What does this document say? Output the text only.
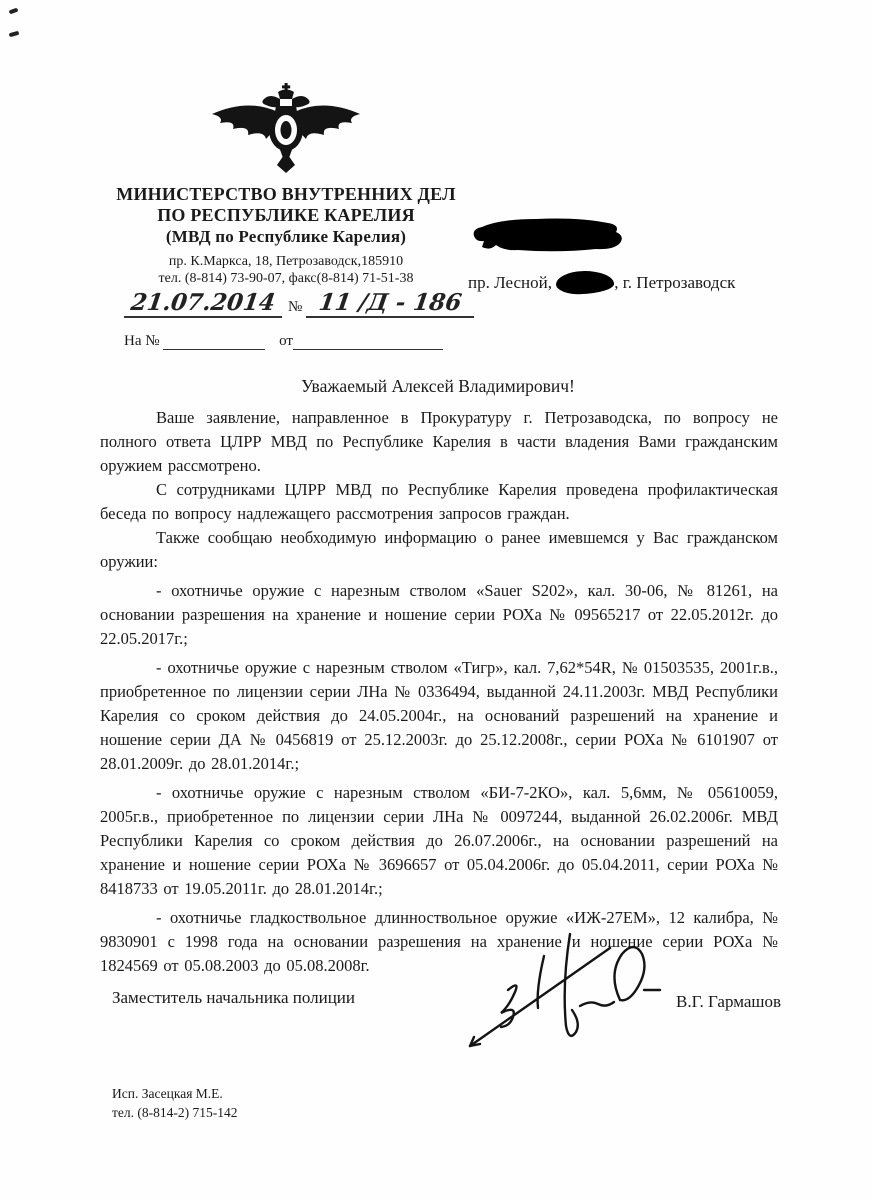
МИНИСТЕРСТВО ВНУТРЕННИХ ДЕЛ
ПО РЕСПУБЛИКЕ КАРЕЛИЯ
(МВД по Республике Карелия)
пр. К.Маркса, 18, Петрозаводск,185910
тел. (8-814) 73-90-07, факс(8-814) 71-51-38
21.07.2014 № 11 /Д - 186
На №	от
пр. Лесной,	, г. Петрозаводск
Уважаемый Алексей Владимирович!

Ваше заявление, направленное в Прокуратуру г. Петрозаводска, по вопросу не полного ответа ЦЛРР МВД по Республике Карелия в части владения Вами гражданским оружием рассмотрено.

С сотрудниками ЦЛРР МВД по Республике Карелия проведена профилактическая беседа по вопросу надлежащего рассмотрения запросов граждан.

Также сообщаю необходимую информацию о ранее имевшемся у Вас гражданском оружии:

- охотничье оружие с нарезным стволом «Sauer S202», кал. 30-06, № 81261, на основании разрешения на хранение и ношение серии РОХа № 09565217 от 22.05.2012г. до 22.05.2017г.;

- охотничье оружие с нарезным стволом «Тигр», кал. 7,62*54R, № 01503535, 2001г.в., приобретенное по лицензии серии ЛНа № 0336494, выданной 24.11.2003г. МВД Республики Карелия со сроком действия до 24.05.2004г., на оснований разрешений на хранение и ношение серии ДА № 0456819 от 25.12.2003г. до 25.12.2008г., серии РОХа № 6101907 от 28.01.2009г. до 28.01.2014г.;

- охотничье оружие с нарезным стволом «БИ-7-2КО», кал. 5,6мм, № 05610059, 2005г.в., приобретенное по лицензии серии ЛНа № 0097244, выданной 26.02.2006г. МВД Республики Карелия со сроком действия до 26.07.2006г., на основании разрешений на хранение и ношение серии РОХа № 3696657 от 05.04.2006г. до 05.04.2011, серии РОХа № 8418733 от 19.05.2011г. до 28.01.2014г.;

- охотничье гладкоствольное длинноствольное оружие «ИЖ-27ЕМ», 12 калибра, № 9830901 с 1998 года на основании разрешения на хранение и ношение серии РОХа № 1824569 от 05.08.2003 до 05.08.2008г.

Заместитель начальника полиции	В.Г. Гармашов
Исп. Засецкая М.Е.
тел. (8-814-2) 715-142
